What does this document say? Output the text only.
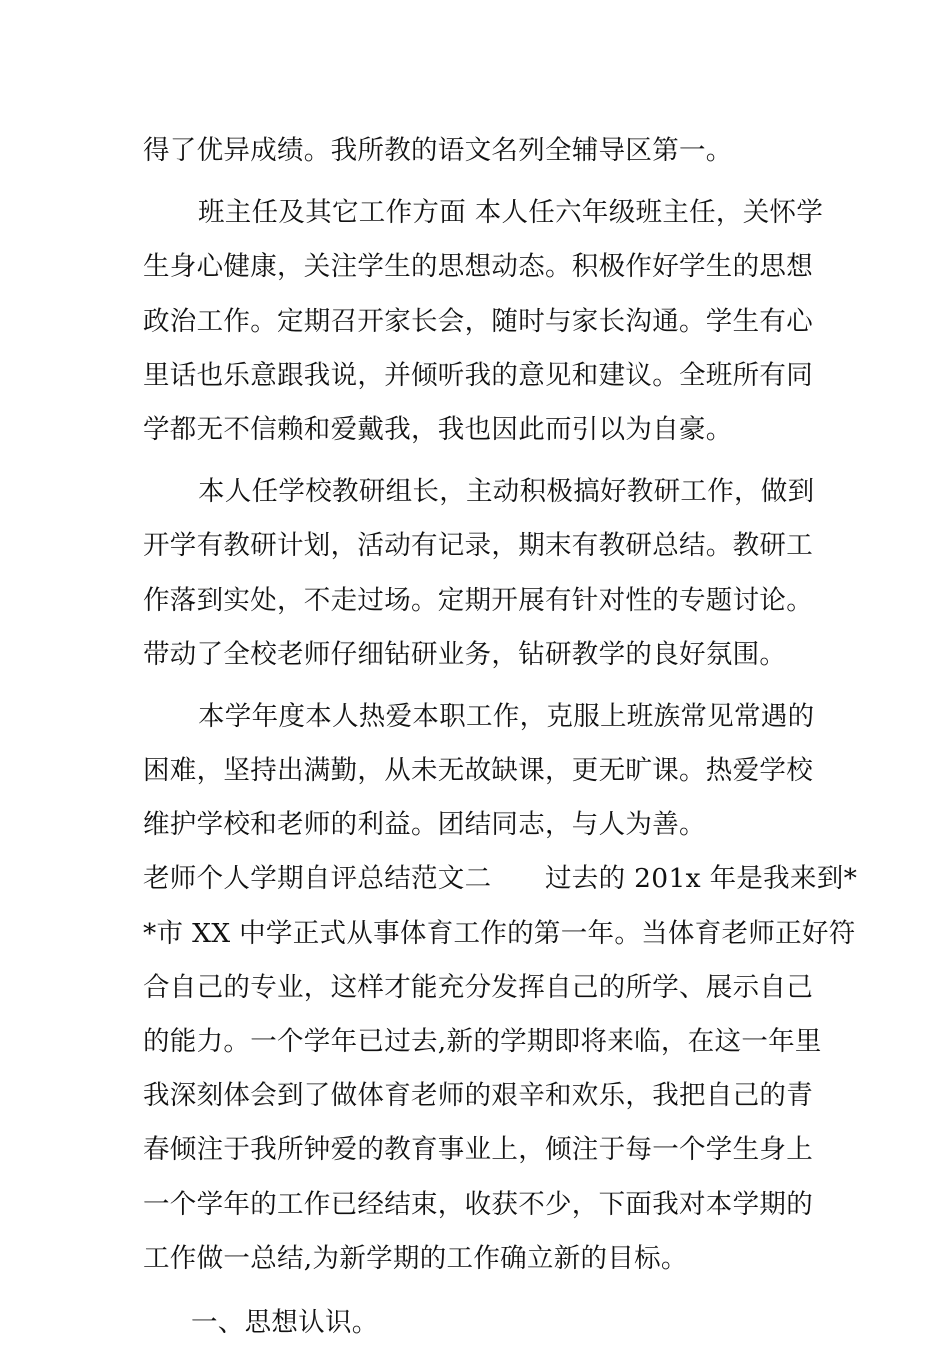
得了优异成绩。我所教的语文名列全辅导区第一。
班主任及其它工作方面 本人任六年级班主任，关怀学
生身心健康，关注学生的思想动态。积极作好学生的思想
政治工作。定期召开家长会，随时与家长沟通。学生有心
里话也乐意跟我说，并倾听我的意见和建议。全班所有同
学都无不信赖和爱戴我，我也因此而引以为自豪。
本人任学校教研组长，主动积极搞好教研工作，做到
开学有教研计划，活动有记录，期末有教研总结。教研工
作落到实处，不走过场。定期开展有针对性的专题讨论。
带动了全校老师仔细钻研业务，钻研教学的良好氛围。
本学年度本人热爱本职工作，克服上班族常见常遇的
困难，坚持出满勤，从未无故缺课，更无旷课。热爱学校
维护学校和老师的利益。团结同志，与人为善。
老师个人学期自评总结范文二　　过去的 201x 年是我来到*
*市 XX 中学正式从事体育工作的第一年。当体育老师正好符
合自己的专业，这样才能充分发挥自己的所学、展示自己
的能力。一个学年已过去,新的学期即将来临，在这一年里
我深刻体会到了做体育老师的艰辛和欢乐，我把自己的青
春倾注于我所钟爱的教育事业上，倾注于每一个学生身上
一个学年的工作已经结束，收获不少，下面我对本学期的
工作做一总结,为新学期的工作确立新的目标。
一、思想认识。
